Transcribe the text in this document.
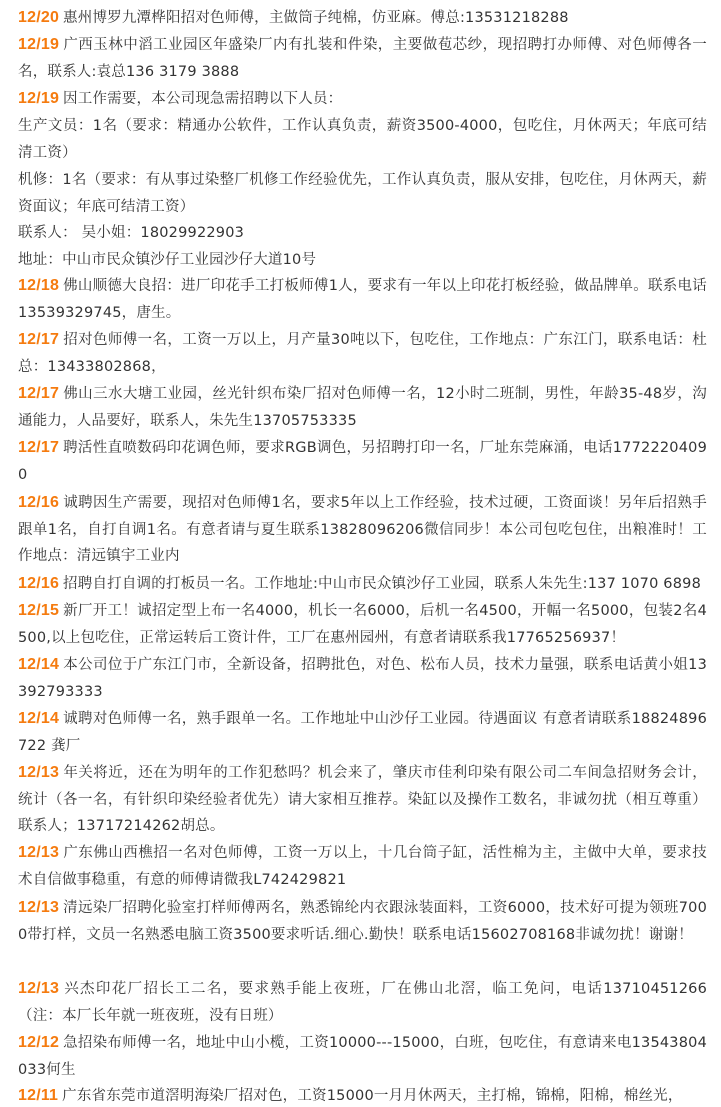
12/20 惠州博罗九潭桦阳招对色师傅，主做筒子纯棉，仿亚麻。傅总:13531218288

12/19 广西玉林中滔工业园区年盛染厂内有扎装和件染，主要做苞芯纱，现招聘打办师傅、对色师傅各一名，联系人:袁总136 3179 3888

12/19 因工作需要，本公司现急需招聘以下人员：

生产文员：1名（要求：精通办公软件，工作认真负责，薪资3500-4000，包吃住，月休两天；年底可结清工资）

机修：1名（要求：有从事过染整厂机修工作经验优先，工作认真负责，服从安排，包吃住，月休两天，薪资面议；年底可结清工资）

联系人： 吴小姐：18029922903

地址：中山市民众镇沙仔工业园沙仔大道10号

12/18 佛山顺德大良招：进厂印花手工打板师傅1人，要求有一年以上印花打板经验，做品牌单。联系电话13539329745，唐生。

12/17 招对色师傅一名，工资一万以上，月产量30吨以下，包吃住，工作地点：广东江门，联系电话：杜总：13433802868，

12/17 佛山三水大塘工业园，丝光针织布染厂招对色师傅一名，12小时二班制，男性，年龄35-48岁，沟通能力，人品要好，联系人，朱先生13705753335

12/17 聘活性直喷数码印花调色师，要求RGB调色，另招聘打印一名，厂址东莞麻涌，电话17722204090

12/16 诚聘因生产需要，现招对色师傅1名，要求5年以上工作经验，技术过硬，工资面谈！另年后招熟手跟单1名，自打自调1名。有意者请与夏生联系13828096206微信同步！本公司包吃包住，出粮准时！工作地点：清远镇宇工业内

12/16 招聘自打自调的打板员一名。工作地址:中山市民众镇沙仔工业园，联系人朱先生:137 1070 6898

12/15 新厂开工！诚招定型上布一名4000，机长一名6000，后机一名4500，开幅一名5000，包装2名4500,以上包吃住，正常运转后工资计件，工厂在惠州园州，有意者请联系我17765256937！

12/14 本公司位于广东江门市，全新设备，招聘批色，对色、松布人员，技术力量强，联系电话黄小姐13392793333

12/14 诚聘对色师傅一名，熟手跟单一名。工作地址中山沙仔工业园。待遇面议 有意者请联系18824896722 龚厂

12/13 年关将近，还在为明年的工作犯愁吗？机会来了，肇庆市佳利印染有限公司二车间急招财务会计，统计（各一名，有针织印染经验者优先）请大家相互推荐。染缸以及操作工数名，非诚勿扰（相互尊重）联系人；13717214262胡总。

12/13 广东佛山西樵招一名对色师傅，工资一万以上，十几台筒子缸，活性棉为主，主做中大单，要求技术自信做事稳重，有意的师傅请微我L742429821

12/13 清远染厂招聘化验室打样师傅两名，熟悉锦纶内衣跟泳装面料，工资6000，技术好可提为领班7000带打样，文员一名熟悉电脑工资3500要求听话.细心.勤快！联系电话15602708168非诚勿扰！谢谢！

12/13 兴杰印花厂招长工二名，要求熟手能上夜班，厂在佛山北滘，临工免问，电话13710451266（注：本厂长年就一班夜班，没有日班）

12/12 急招染布师傅一名，地址中山小榄，工资10000---15000，白班，包吃住，有意请来电13543804033何生

12/11 广东省东莞市道滘明海染厂招对色，工资15000一月月休两天，主打棉，锦棉，阳棉，棉丝光，
